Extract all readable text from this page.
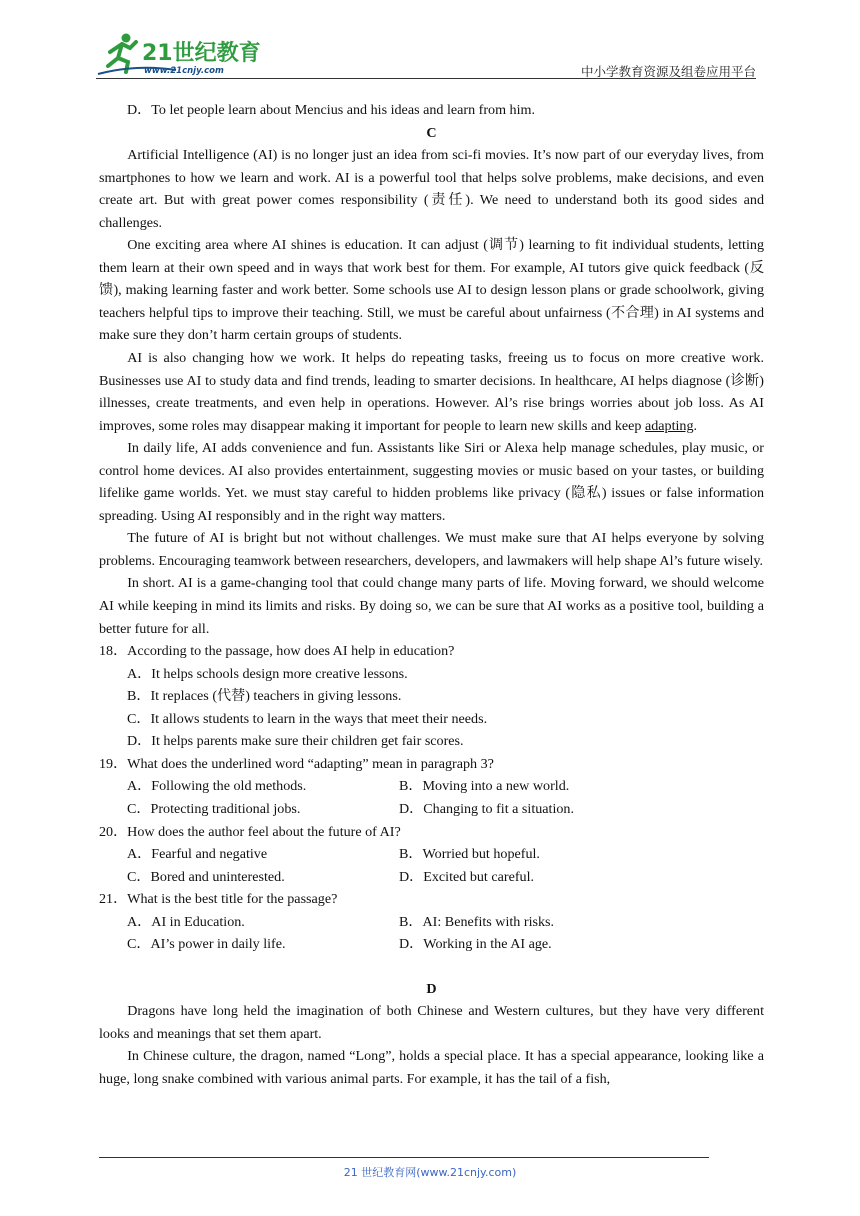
21世纪教育
www.21cnjy.com	中小学教育资源及组卷应用平台

D．To let people learn about Mencius and his ideas and learn from him.

C

Artificial Intelligence (AI) is no longer just an idea from sci-fi movies. It’s now part of our everyday lives, from smartphones to how we learn and work. AI is a powerful tool that helps solve problems, make decisions, and even create art. But with great power comes responsibility (责任). We need to understand both its good sides and challenges.

One exciting area where AI shines is education. It can adjust (调节) learning to fit individual students, letting them learn at their own speed and in ways that work best for them. For example, AI tutors give quick feedback (反馈), making learning faster and work better. Some schools use AI to design lesson plans or grade schoolwork, giving teachers helpful tips to improve their teaching. Still, we must be careful about unfairness (不合理) in AI systems and make sure they don’t harm certain groups of students.

AI is also changing how we work. It helps do repeating tasks, freeing us to focus on more creative work. Businesses use AI to study data and find trends, leading to smarter decisions. In healthcare, AI helps diagnose (诊断) illnesses, create treatments, and even help in operations. However. Al’s rise brings worries about job loss. As AI improves, some roles may disappear making it important for people to learn new skills and keep adapting.

In daily life, AI adds convenience and fun. Assistants like Siri or Alexa help manage schedules, play music, or control home devices. AI also provides entertainment, suggesting movies or music based on your tastes, or building lifelike game worlds. Yet. we must stay careful to hidden problems like privacy (隐私) issues or false information spreading. Using AI responsibly and in the right way matters.

The future of AI is bright but not without challenges. We must make sure that AI helps everyone by solving problems. Encouraging teamwork between researchers, developers, and lawmakers will help shape Al’s future wisely.

In short. AI is a game-changing tool that could change many parts of life. Moving forward, we should welcome AI while keeping in mind its limits and risks. By doing so, we can be sure that AI works as a positive tool, building a better future for all.

18．According to the passage, how does AI help in education?

A．It helps schools design more creative lessons.

B．It replaces (代替) teachers in giving lessons.

C．It allows students to learn in the ways that meet their needs.

D．It helps parents make sure their children get fair scores.

19．What does the underlined word “adapting” mean in paragraph 3?

A．Following the old methods.	B．Moving into a new world.
C．Protecting traditional jobs.	D．Changing to fit a situation.

20．How does the author feel about the future of AI?

A．Fearful and negative	B．Worried but hopeful.
C．Bored and uninterested.	D．Excited but careful.

21．What is the best title for the passage?

A．AI in Education.	B．AI: Benefits with risks.
C．AI’s power in daily life.	D．Working in the AI age.

D

Dragons have long held the imagination of both Chinese and Western cultures, but they have very different looks and meanings that set them apart.

In Chinese culture, the dragon, named “Long”, holds a special place. It has a special appearance, looking like a huge, long snake combined with various animal parts. For example, it has the tail of a fish,

21 世纪教育网(www.21cnjy.com)
